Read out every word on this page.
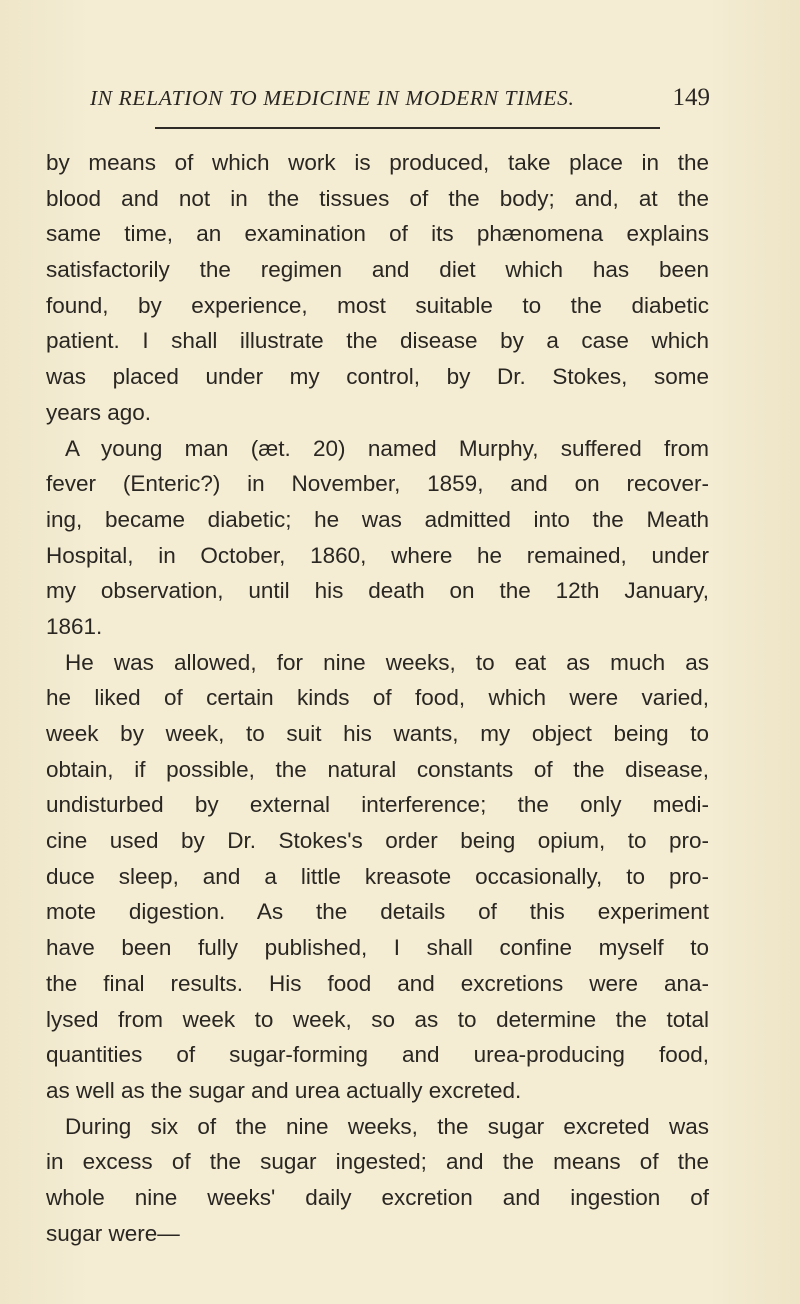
IN RELATION TO MEDICINE IN MODERN TIMES.	149
by means of which work is produced, take place in the
blood and not in the tissues of the body; and, at the
same time, an examination of its phænomena explains
satisfactorily the regimen and diet which has been
found, by experience, most suitable to the diabetic
patient. I shall illustrate the disease by a case which
was placed under my control, by Dr. Stokes, some
years ago.
A young man (æt. 20) named Murphy, suffered from
fever (Enteric?) in November, 1859, and on recover-
ing, became diabetic; he was admitted into the Meath
Hospital, in October, 1860, where he remained, under
my observation, until his death on the 12th January,
1861.
He was allowed, for nine weeks, to eat as much as
he liked of certain kinds of food, which were varied,
week by week, to suit his wants, my object being to
obtain, if possible, the natural constants of the disease,
undisturbed by external interference; the only medi-
cine used by Dr. Stokes's order being opium, to pro-
duce sleep, and a little kreasote occasionally, to pro-
mote digestion. As the details of this experiment
have been fully published, I shall confine myself to
the final results. His food and excretions were ana-
lysed from week to week, so as to determine the total
quantities of sugar-forming and urea-producing food,
as well as the sugar and urea actually excreted.
During six of the nine weeks, the sugar excreted was
in excess of the sugar ingested; and the means of the
whole nine weeks' daily excretion and ingestion of
sugar were—
